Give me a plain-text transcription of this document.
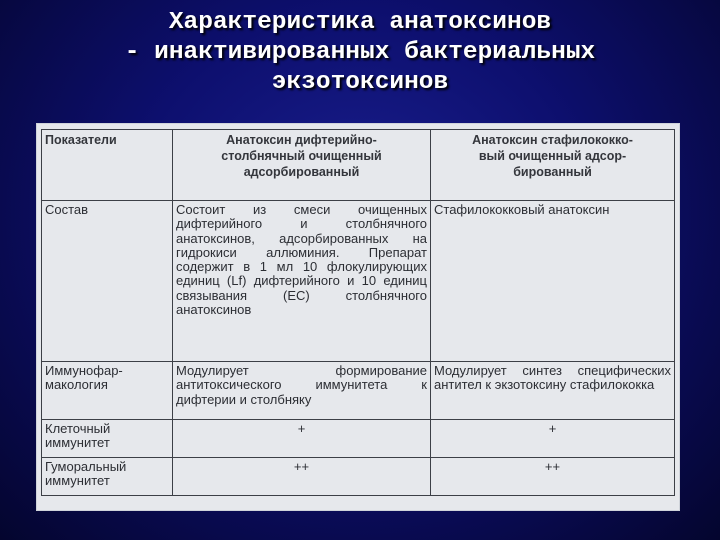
Характеристика анатоксинов
- инактивированных бактериальных
экзотоксинов
Показатели	Анатоксин дифтерийно-
столбнячный очищенный
адсорбированный	Анатоксин стафилококко-
вый очищенный адсор-
бированный
Состав	Состоит из смеси очищенных дифтерийного и столбнячного анатоксинов, адсорбированных на гидрокиси аллюминия. Препарат содержит в 1 мл 10 флокулирующих единиц (Lf) дифтерийного и 10 единиц связывания (ЕС) столбнячного анатоксинов	Стафилококковый анатоксин
Иммунофар-
макология	Модулирует формирование антитоксического иммунитета к дифтерии и столбняку	Модулирует синтез специфических антител к экзотоксину стафилококка
Клеточный
иммунитет	+	+
Гуморальный
иммунитет	++	++
